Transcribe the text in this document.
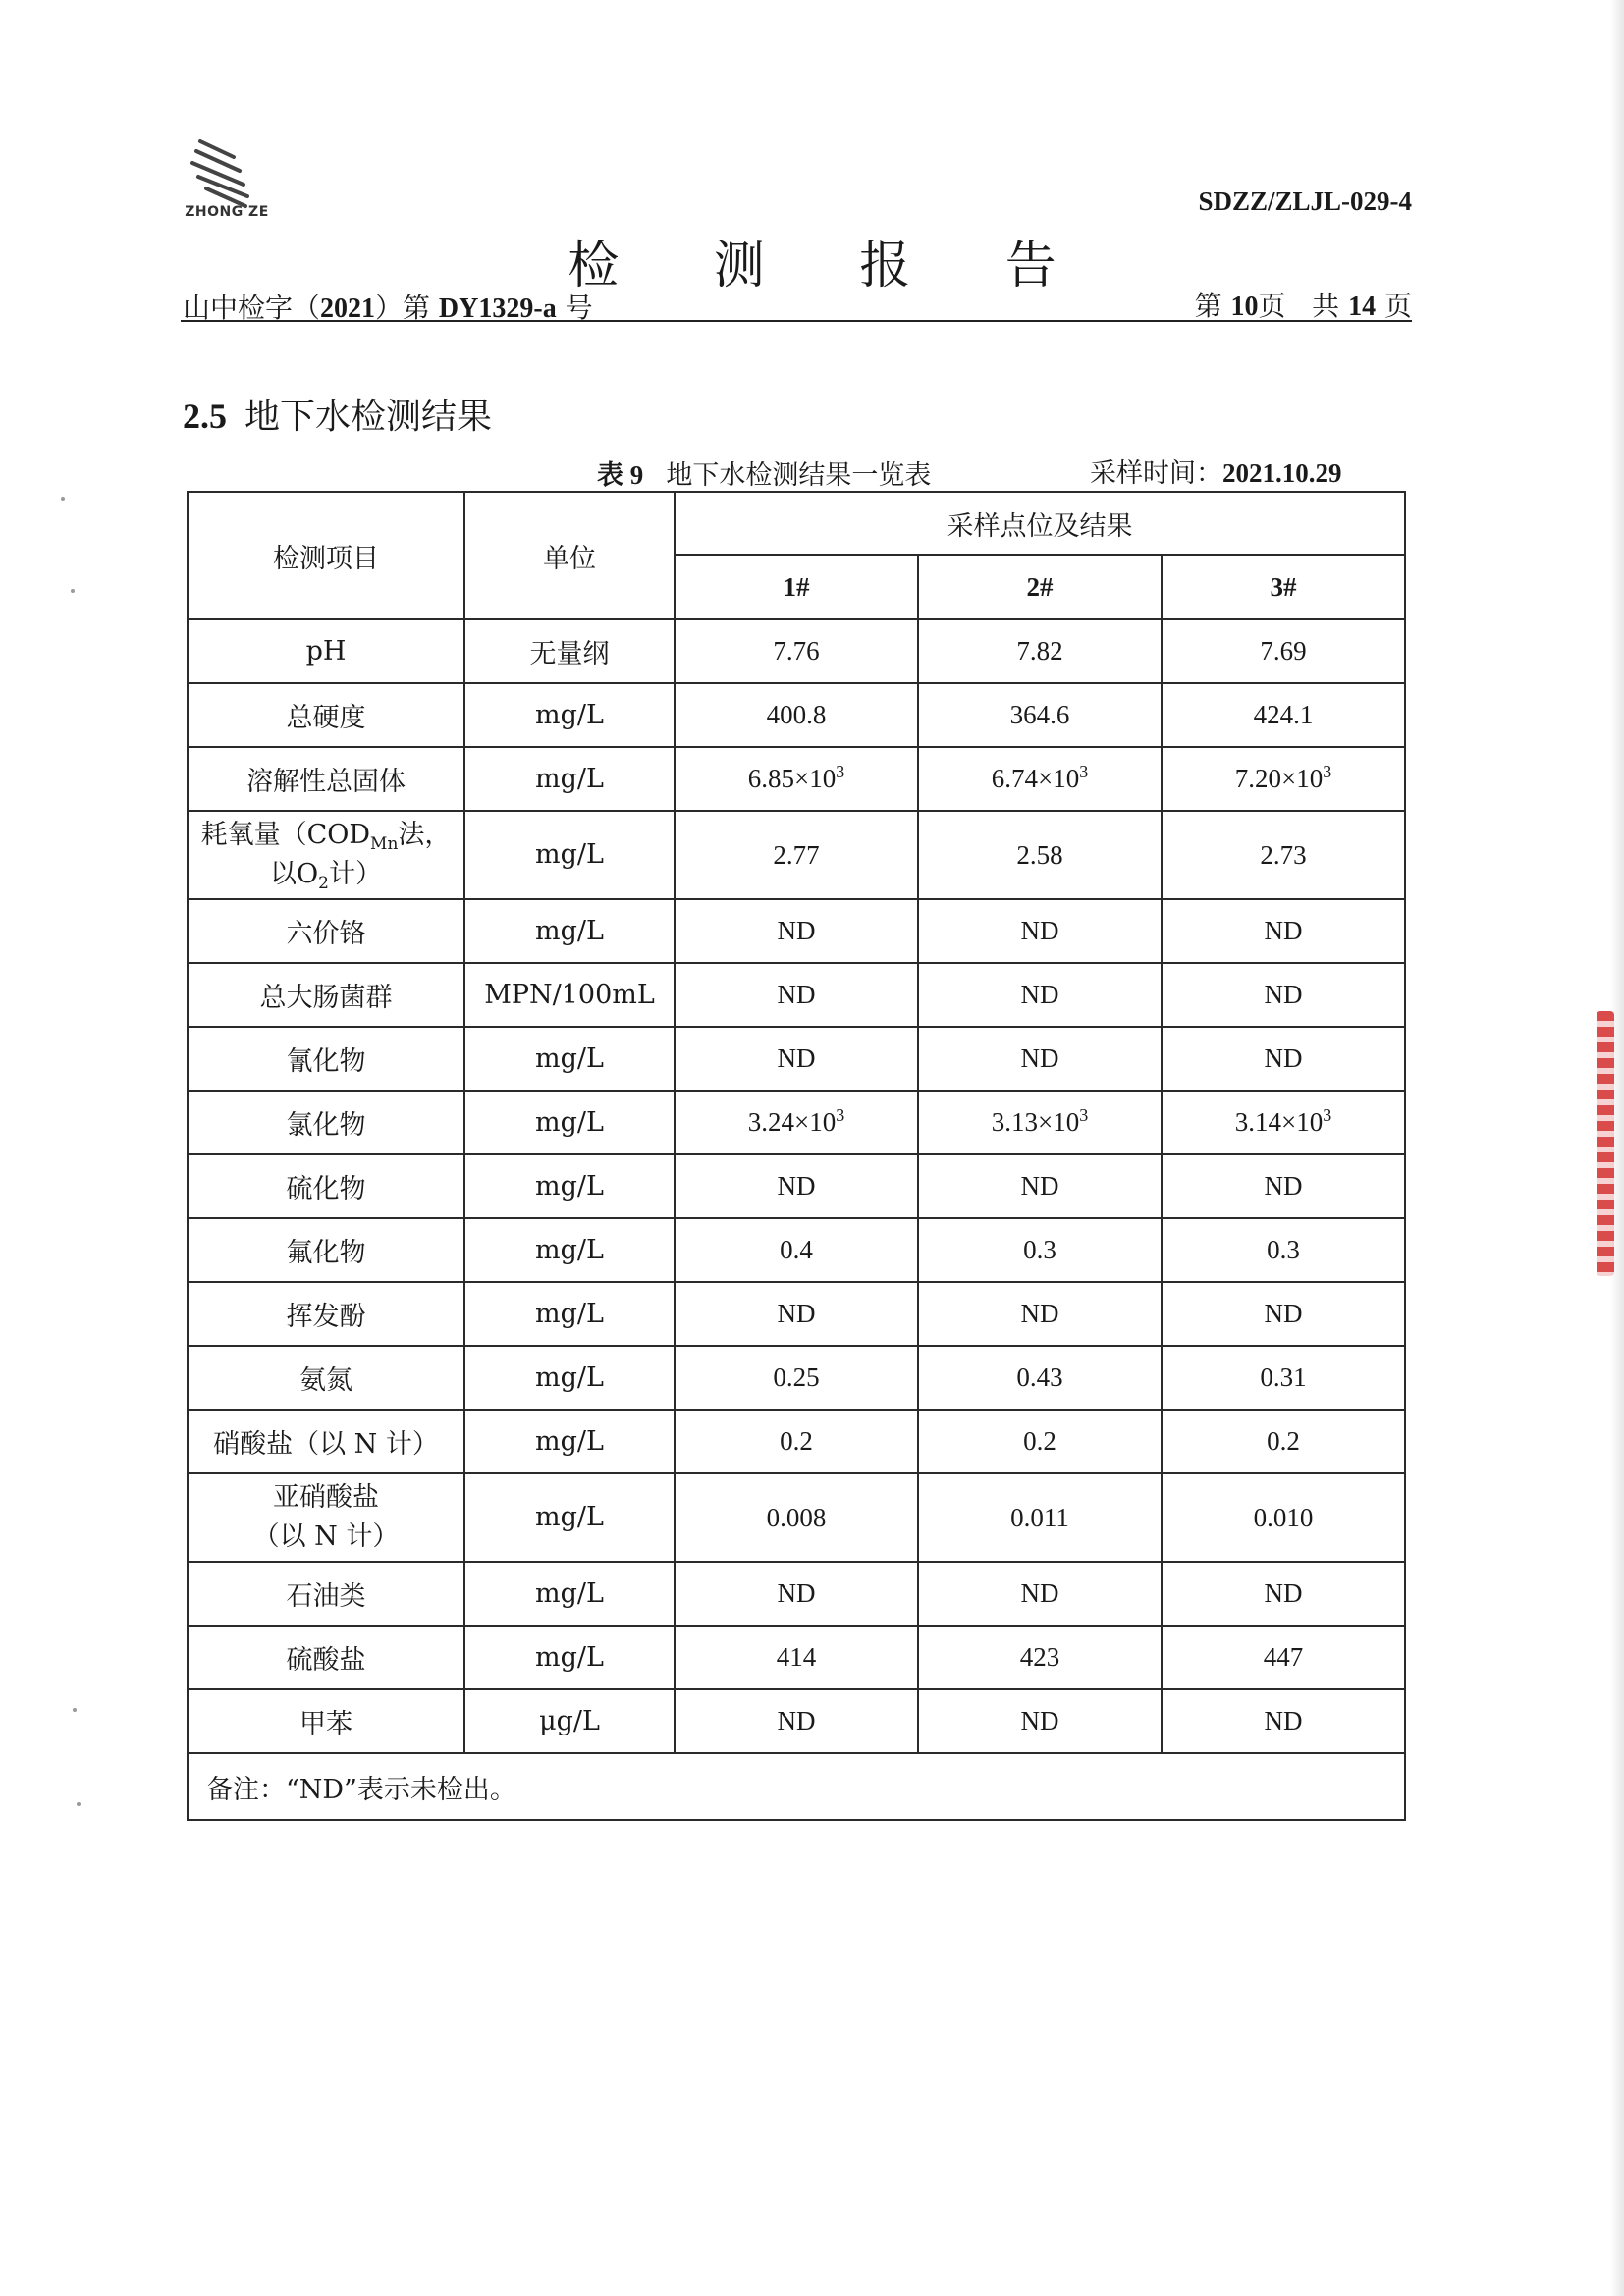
ZHONG ZE	SDZZ/ZLJL-029-4
检 测 报 告
山中检字（2021）第 DY1329-a 号	第 10页   共 14 页
2.5 地下水检测结果
表 9 地下水检测结果一览表	采样时间：2021.10.29
检测项目	单位	采样点位及结果		
		1#	2#	3#
pH	无量纲	7.76	7.82	7.69
总硬度	mg/L	400.8	364.6	424.1
溶解性总固体	mg/L	$6.85\times 10^3$	$6.74\times 10^3$	$7.20\times 10^3$
耗氧量（$COD_{Mn}$法，
以$O_2$计）	mg/L	2.77	2.58	2.73
六价铬	mg/L	ND	ND	ND
总大肠菌群	MPN/100mL	ND	ND	ND
氰化物	mg/L	ND	ND	ND
氯化物	mg/L	$3.24\times 10^3$	$3.13\times 10^3$	$3.14\times 10^3$
硫化物	mg/L	ND	ND	ND
氟化物	mg/L	0.4	0.3	0.3
挥发酚	mg/L	ND	ND	ND
氨氮	mg/L	0.25	0.43	0.31
硝酸盐（以 N 计）	mg/L	0.2	0.2	0.2
亚硝酸盐
（以 N 计）	mg/L	0.008	0.011	0.010
石油类	mg/L	ND	ND	ND
硫酸盐	mg/L	414	423	447
甲苯	μg/L	ND	ND	ND
备注：“ND”表示未检出。				
